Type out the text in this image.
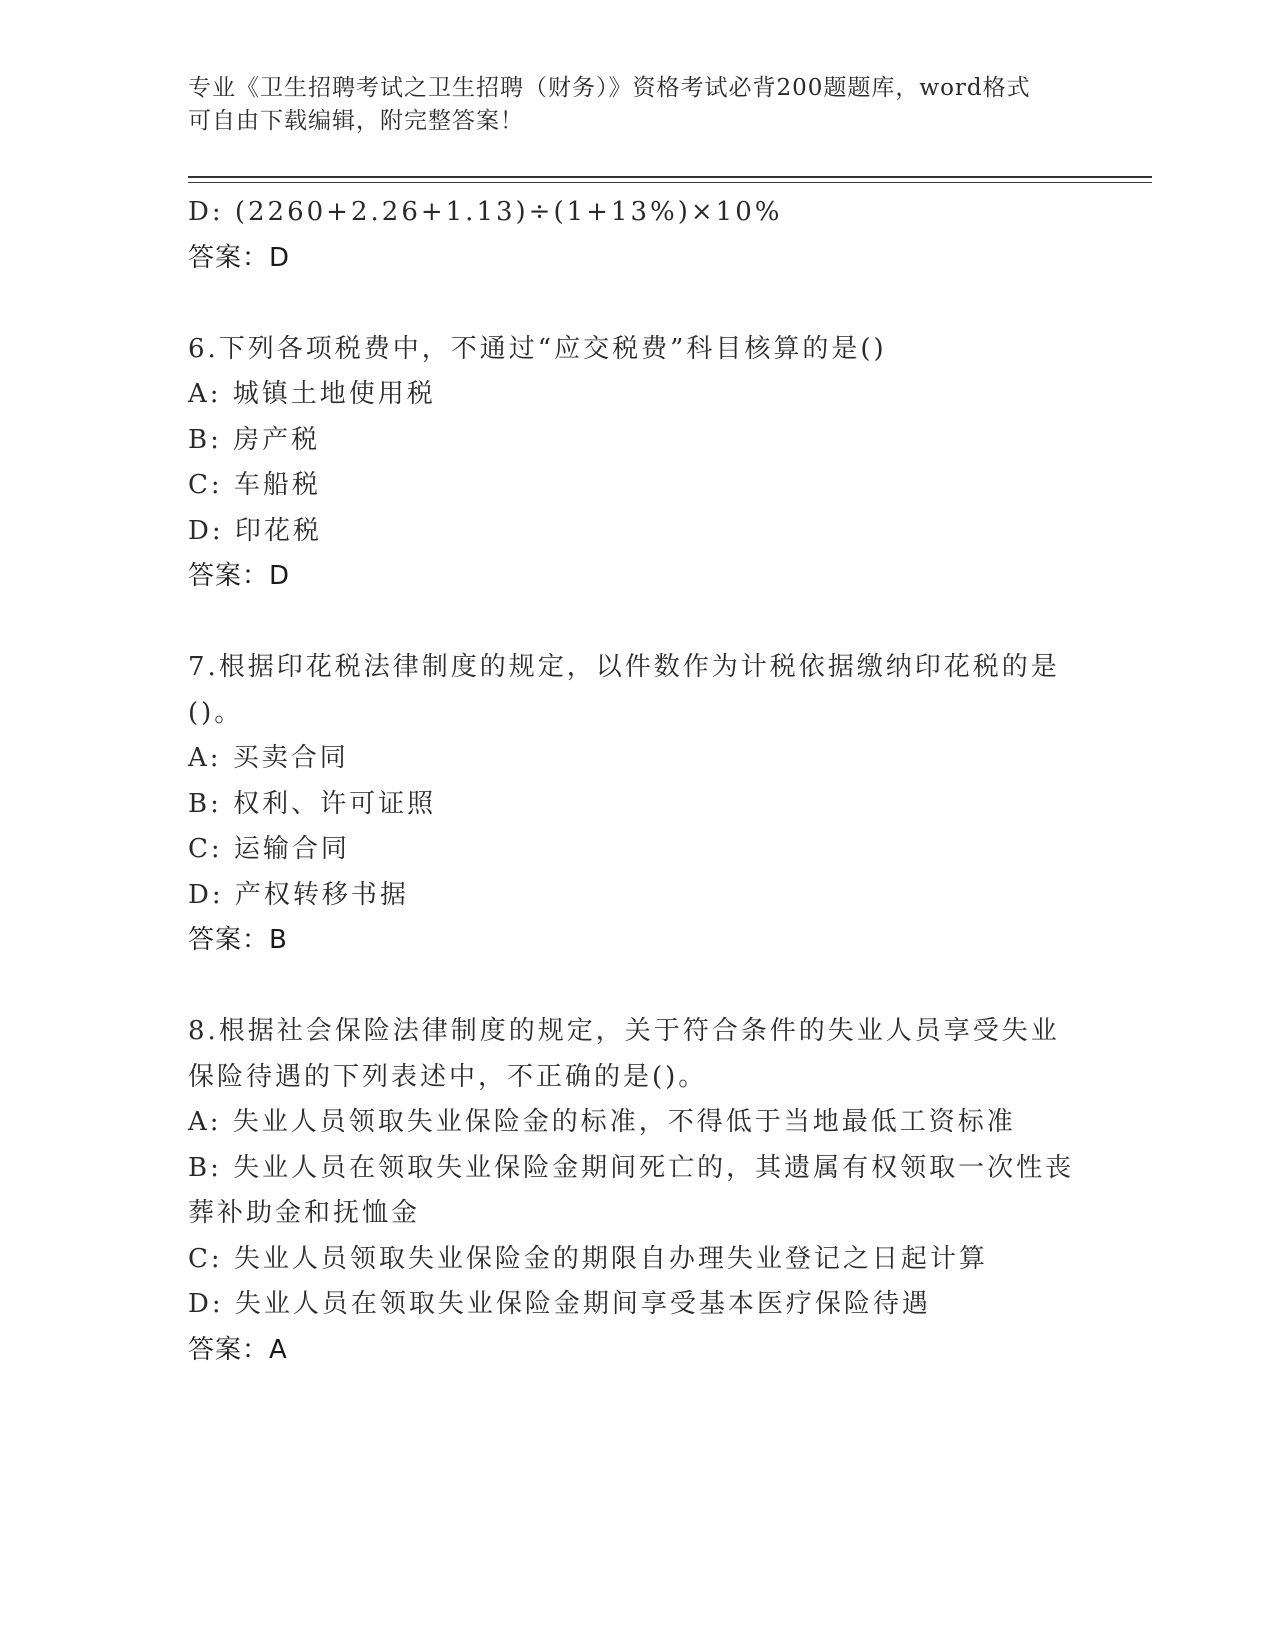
专业《卫生招聘考试之卫生招聘（财务）》资格考试必背200题题库，word格式
可自由下载编辑，附完整答案！
D: (2260+2.26+1.13)÷(1+13%)×10%
答案：D
6.下列各项税费中，不通过“应交税费”科目核算的是()
A: 城镇土地使用税
B: 房产税
C: 车船税
D: 印花税
答案：D
7.根据印花税法律制度的规定，以件数作为计税依据缴纳印花税的是
()。
A: 买卖合同
B: 权利、许可证照
C: 运输合同
D: 产权转移书据
答案：B
8.根据社会保险法律制度的规定，关于符合条件的失业人员享受失业
保险待遇的下列表述中，不正确的是()。
A: 失业人员领取失业保险金的标准，不得低于当地最低工资标准
B: 失业人员在领取失业保险金期间死亡的，其遗属有权领取一次性丧
葬补助金和抚恤金
C: 失业人员领取失业保险金的期限自办理失业登记之日起计算
D: 失业人员在领取失业保险金期间享受基本医疗保险待遇
答案：A
